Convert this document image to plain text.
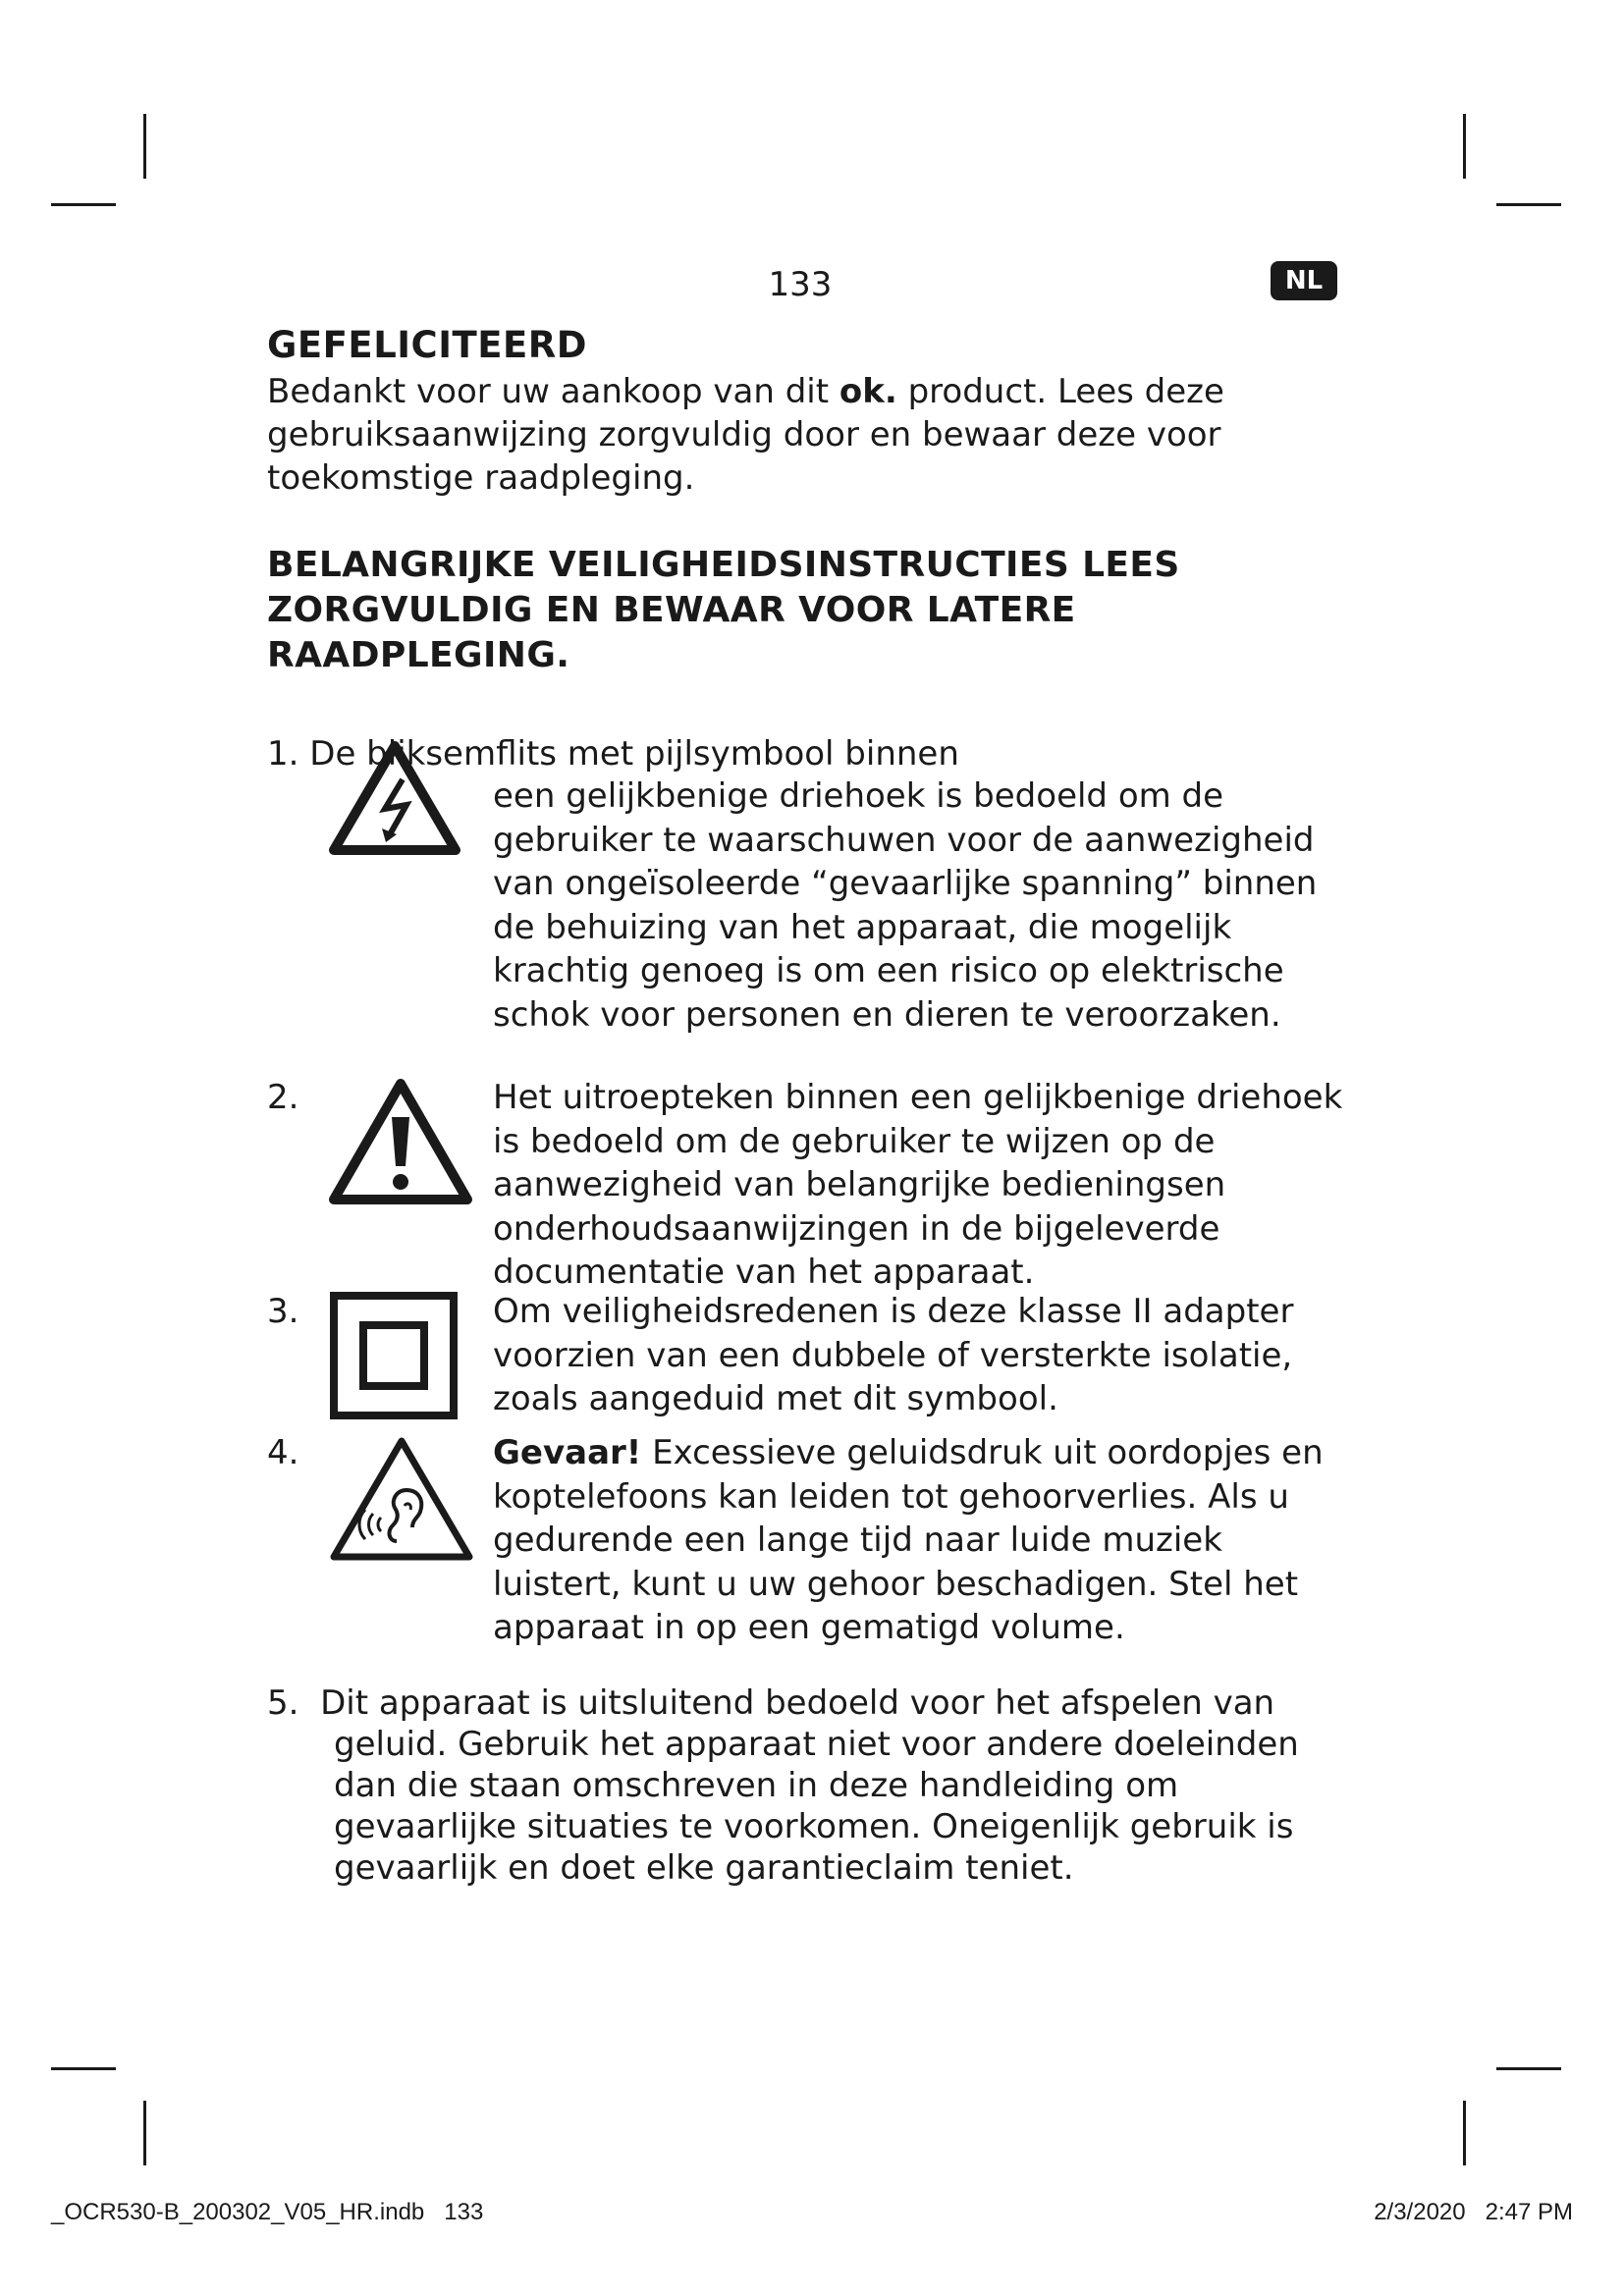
133	NL
GEFELICITEERD

Bedankt voor uw aankoop van dit ok. product. Lees deze gebruiksaanwijzing zorgvuldig door en bewaar deze voor toekomstige raadpleging.

BELANGRIJKE VEILIGHEIDSINSTRUCTIES LEES ZORGVULDIG EN BEWAAR VOOR LATERE RAADPLEGING.
1. De bliksemflits met pijlsymbool binnen
een gelijkbenige driehoek is bedoeld om de gebruiker te waarschuwen voor de aanwezigheid van ongeïsoleerde “gevaarlijke spanning” binnen de behuizing van het apparaat, die mogelijk krachtig genoeg is om een risico op elektrische schok voor personen en dieren te veroorzaken.
2.	Het uitroepteken binnen een gelijkbenige driehoek is bedoeld om de gebruiker te wijzen op de aanwezigheid van belangrijke bedieningsen onderhoudsaanwijzingen in de bijgeleverde documentatie van het apparaat.
3.	Om veiligheidsredenen is deze klasse II adapter voorzien van een dubbele of versterkte isolatie, zoals aangeduid met dit symbool.
4.	Gevaar! Excessieve geluidsdruk uit oordopjes en koptelefoons kan leiden tot gehoorverlies. Als u gedurende een lange tijd naar luide muziek luistert, kunt u uw gehoor beschadigen. Stel het apparaat in op een gematigd volume.
5. Dit apparaat is uitsluitend bedoeld voor het afspelen van geluid. Gebruik het apparaat niet voor andere doeleinden dan die staan omschreven in deze handleiding om gevaarlijke situaties te voorkomen. Oneigenlijk gebruik is gevaarlijk en doet elke garantieclaim teniet.
_OCR530-B_200302_V05_HR.indb   133	2/3/2020   2:47 PM
